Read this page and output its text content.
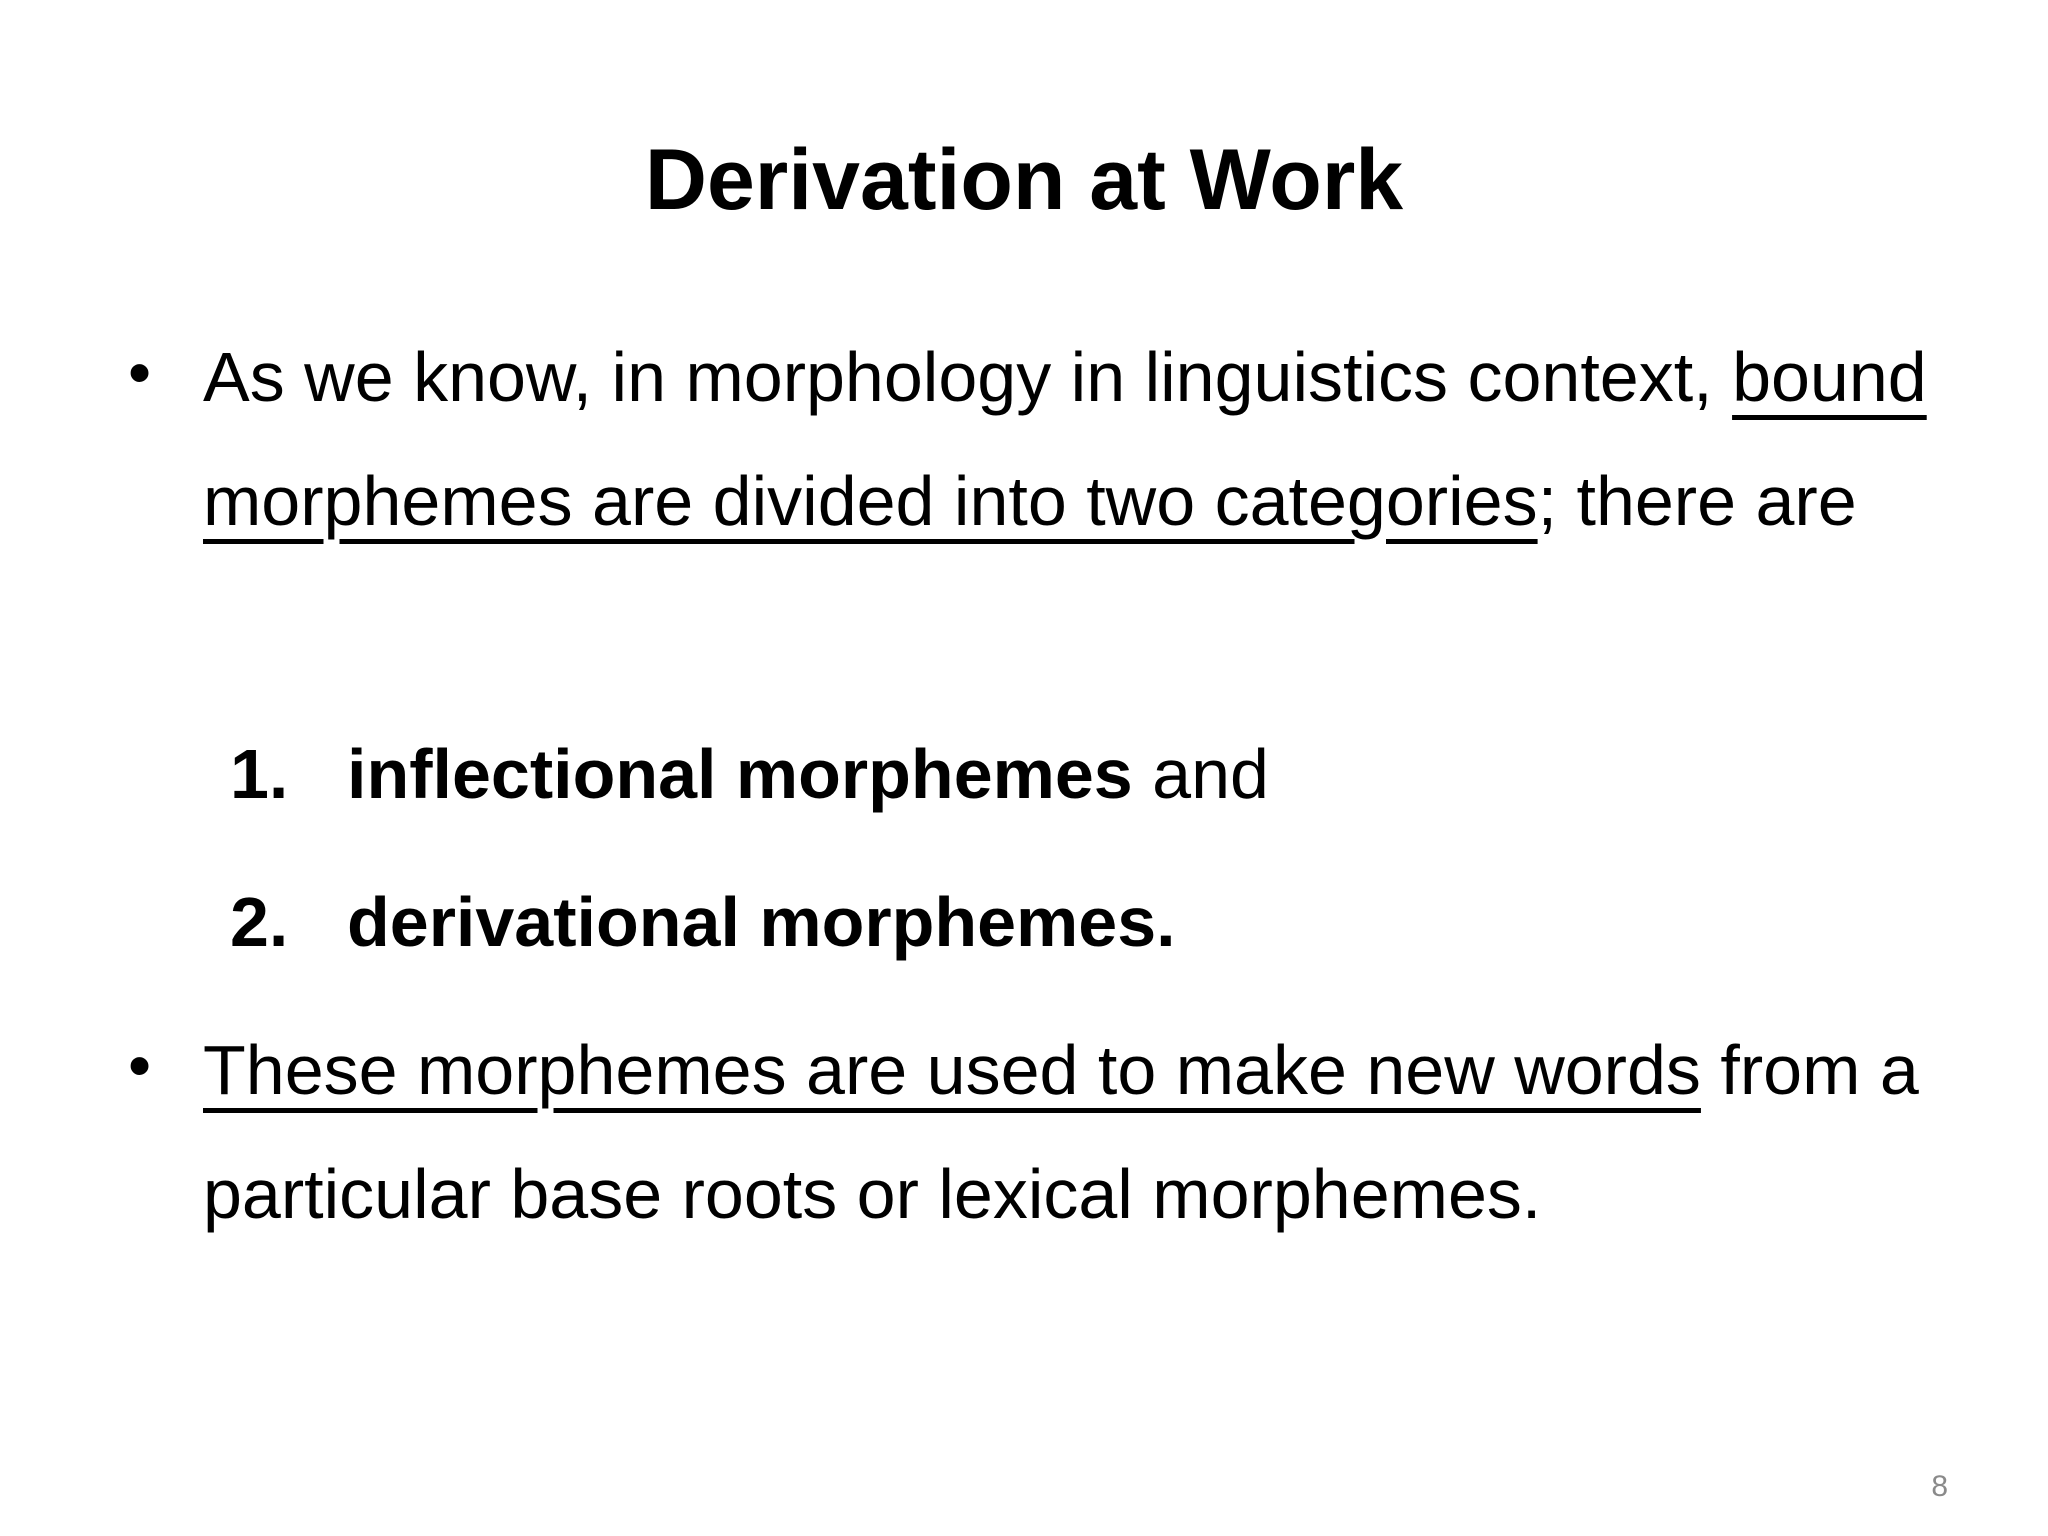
Derivation at Work
• As we know, in morphology in linguistics context, bound morphemes are divided into two categories; there are
1. inflectional morphemes and
2. derivational morphemes.
• These morphemes are used to make new words from a particular base roots or lexical morphemes.
8
